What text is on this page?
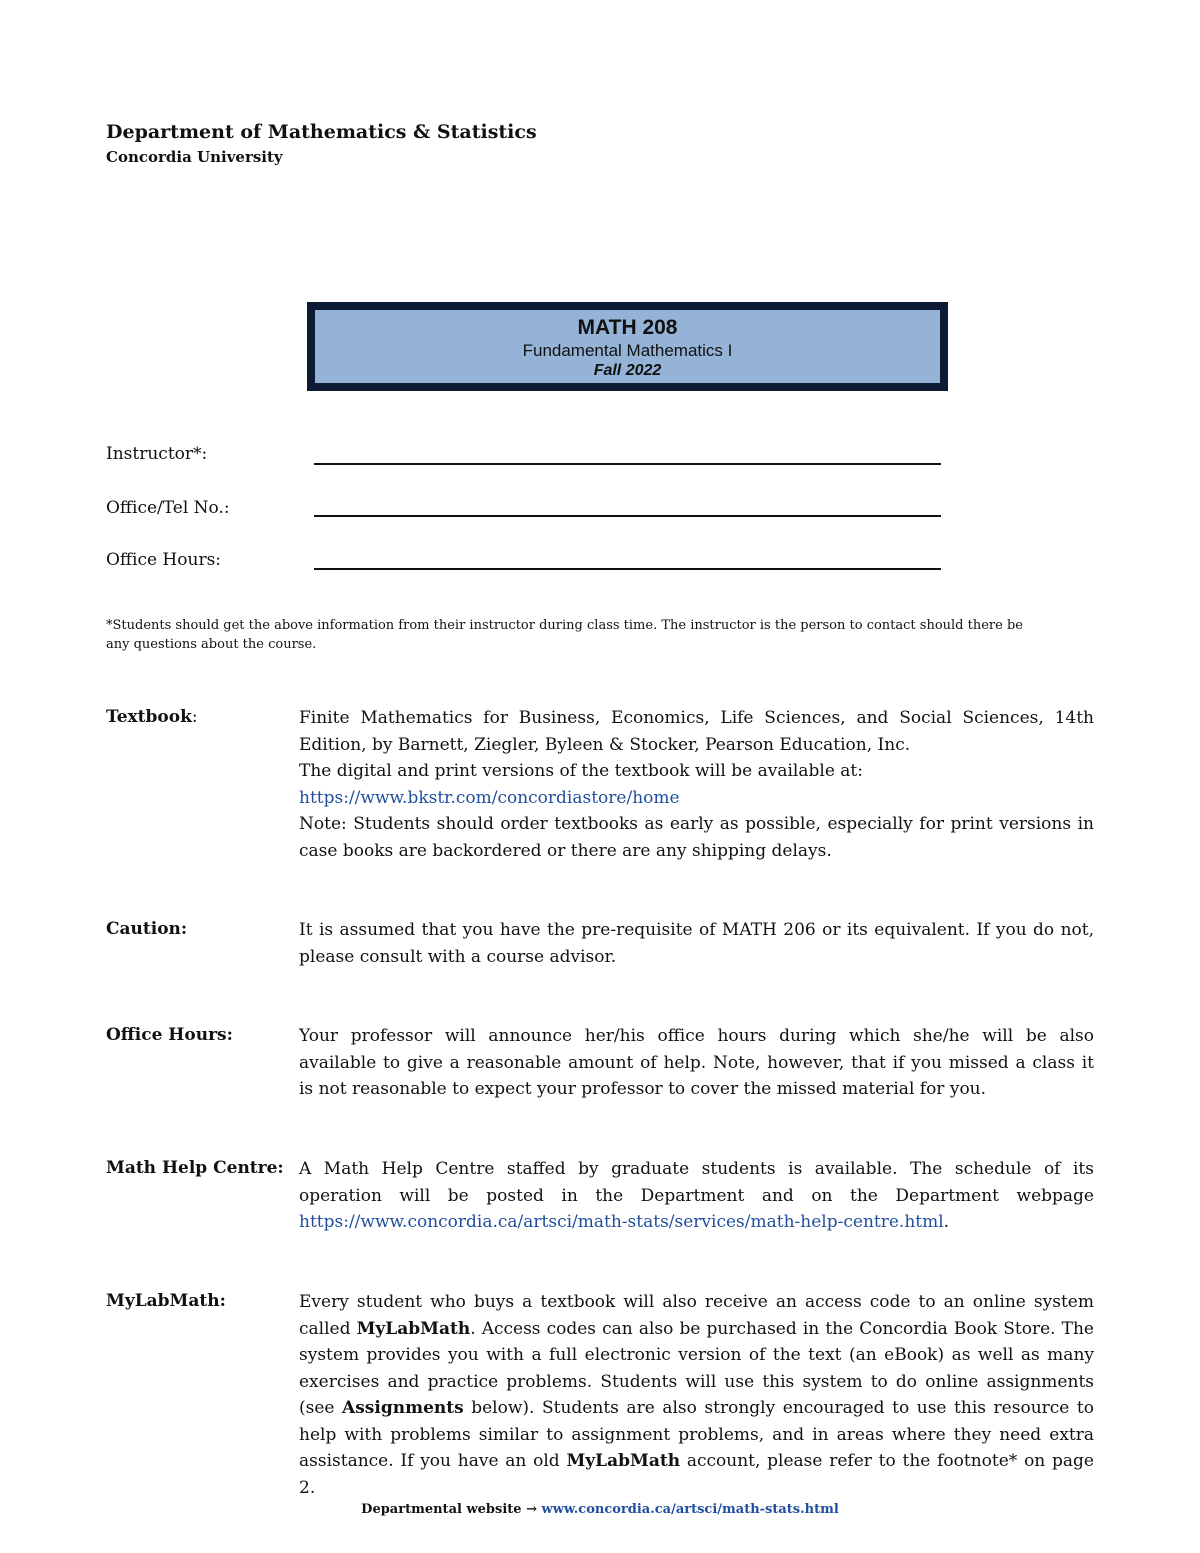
Department of Mathematics & Statistics
Concordia University
MATH 208
Fundamental Mathematics I
Fall 2022
Instructor*:
Office/Tel No.:
Office Hours:
*Students should get the above information from their instructor during class time. The instructor is the person to contact should there be
any questions about the course.
Textbook:	Finite Mathematics for Business, Economics, Life Sciences, and Social Sciences, 14th
Edition, by Barnett, Ziegler, Byleen & Stocker, Pearson Education, Inc.
The digital and print versions of the textbook will be available at:
https://www.bkstr.com/concordiastore/home
Note: Students should order textbooks as early as possible, especially for print versions in
case books are backordered or there are any shipping delays.
Caution:	It is assumed that you have the pre-requisite of MATH 206 or its equivalent. If you do not,
please consult with a course advisor.
Office Hours:	Your professor will announce her/his office hours during which she/he will be also
available to give a reasonable amount of help. Note, however, that if you missed a class it
is not reasonable to expect your professor to cover the missed material for you.
Math Help Centre: A Math Help Centre staffed by graduate students is available. The schedule of its
operation will be posted in the Department and on the Department webpage
https://www.concordia.ca/artsci/math-stats/services/math-help-centre.html.
MyLabMath:	Every student who buys a textbook will also receive an access code to an online system
called MyLabMath. Access codes can also be purchased in the Concordia Book Store. The
system provides you with a full electronic version of the text (an eBook) as well as many
exercises and practice problems. Students will use this system to do online assignments
(see Assignments below). Students are also strongly encouraged to use this resource to
help with problems similar to assignment problems, and in areas where they need extra
assistance. If you have an old MyLabMath account, please refer to the footnote* on page 2.
Departmental website → www.concordia.ca/artsci/math-stats.html
